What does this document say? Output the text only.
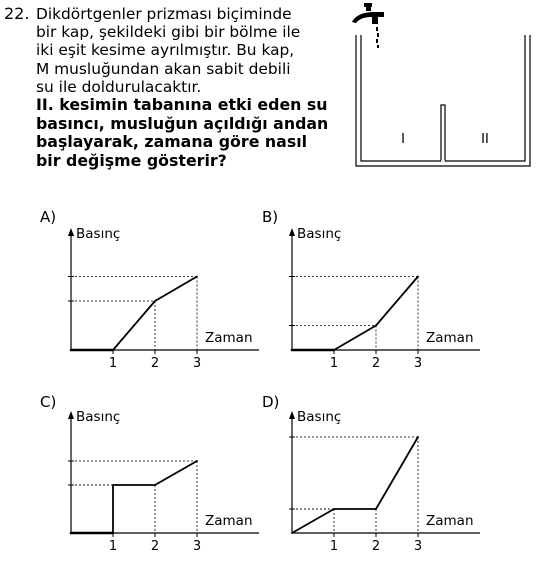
22. Dikdörtgenler prizması biçiminde
bir kap, şekildeki gibi bir bölme ile
iki eşit kesime ayrılmıştır. Bu kap,
M musluğundan akan sabit debili
su ile doldurulacaktır.
II. kesimin tabanına etki eden su
basıncı, musluğun açıldığı andan
başlayarak, zamana göre nasıl
bir değişme gösterir?
M
I	II
A)
Basınç
Zaman
1	2	3
B)
Basınç
Zaman
1	2	3
C)
Basınç
Zaman
1	2	3
D)
Basınç
Zaman
1	2	3
